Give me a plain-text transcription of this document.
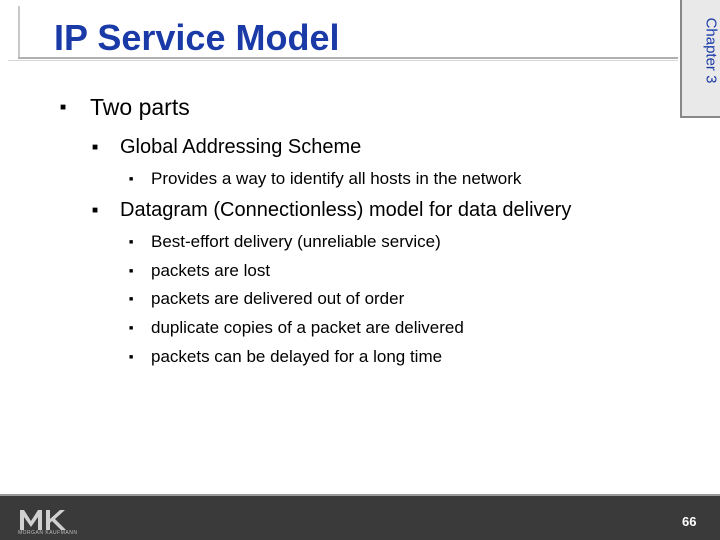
IP Service Model	Chapter 3
■ Two parts
■ Global Addressing Scheme
■ Provides a way to identify all hosts in the network
■ Datagram (Connectionless) model for data delivery
■ Best-effort delivery (unreliable service)
■ packets are lost
■ packets are delivered out of order
■ duplicate copies of a packet are delivered
■ packets can be delayed for a long time
MORGAN KAUFMANN
66
